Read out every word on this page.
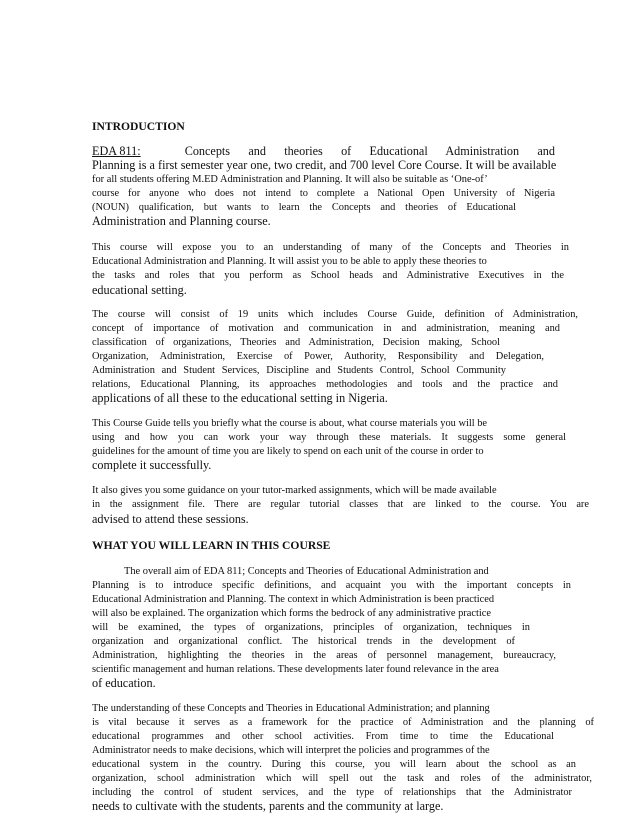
INTRODUCTION
EDA 811:	Concepts      and      theories      of      Educational      Administration      and
Planning is a first semester year one, two credit, and 700 level Core Course. It will be available
for all students offering M.ED Administration and Planning. It will also be suitable as ‘One-of’
course for anyone who does not intend to complete a National Open University of Nigeria
(NOUN) qualification, but wants to learn the Concepts and theories of Educational
Administration and Planning course.
This course will expose you to an understanding of many of the Concepts and Theories in
Educational Administration and Planning. It will assist you to be able to apply these theories to
the tasks and roles that you perform as School heads and Administrative Executives in the
educational setting.
The course will consist of 19 units which includes Course Guide, definition of Administration,
concept of importance of motivation and communication in and administration, meaning and
classification of organizations, Theories and Administration, Decision making, School
Organization, Administration, Exercise of Power, Authority, Responsibility and Delegation,
Administration and Student Services, Discipline and Students Control, School Community
relations, Educational Planning, its approaches methodologies and tools and the practice and
applications of all these to the educational setting in Nigeria.
This Course Guide tells you briefly what the course is about, what course materials you will be
using and how you can work your way through these materials. It suggests some general
guidelines for the amount of time you are likely to spend on each unit of the course in order to
complete it successfully.
It also gives you some guidance on your tutor-marked assignments, which will be made available
in the assignment file. There are regular tutorial classes that are linked to the course. You are
advised to attend these sessions.
WHAT YOU WILL LEARN IN THIS COURSE
The overall aim of EDA 811; Concepts and Theories of Educational Administration and
Planning is to introduce specific definitions, and acquaint you with the important concepts in
Educational Administration and Planning. The context in which Administration is been practiced
will also be explained. The organization which forms the bedrock of any administrative practice
will be examined, the types of organizations, principles of organization, techniques in
organization and organizational conflict. The historical trends in the development of
Administration, highlighting the theories in the areas of personnel management, bureaucracy,
scientific management and human relations. These developments later found relevance in the area
of education.
The understanding of these Concepts and Theories in Educational Administration; and planning
is vital because it serves as a framework for the practice of Administration and the planning of
educational programmes and other school activities. From time to time the Educational
Administrator needs to make decisions, which will interpret the policies and programmes of the
educational system in the country. During this course, you will learn about the school as an
organization, school administration which will spell out the task and roles of the administrator,
including the control of student services, and the type of relationships that the Administrator
needs to cultivate with the students, parents and the community at large.
